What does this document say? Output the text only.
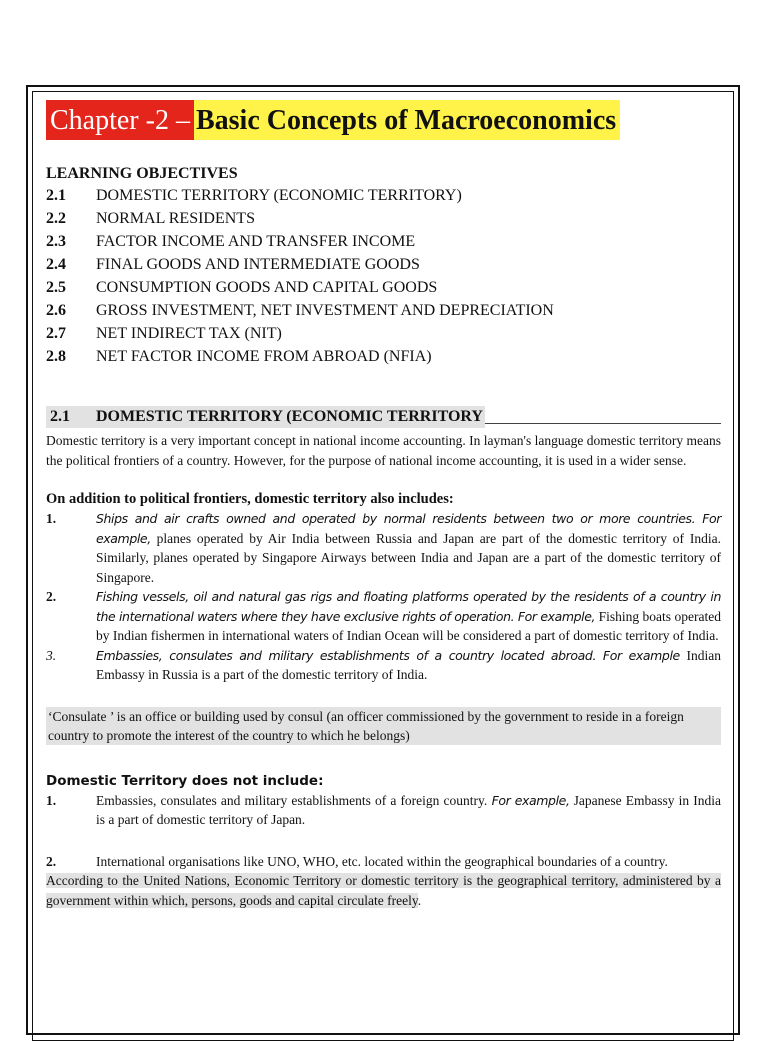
Chapter -2 – Basic Concepts of Macroeconomics
LEARNING OBJECTIVES
2.1	DOMESTIC TERRITORY (ECONOMIC TERRITORY)
2.2	NORMAL RESIDENTS
2.3	FACTOR INCOME AND TRANSFER INCOME
2.4	FINAL GOODS AND INTERMEDIATE GOODS
2.5	CONSUMPTION GOODS AND CAPITAL GOODS
2.6	GROSS INVESTMENT, NET INVESTMENT AND DEPRECIATION
2.7	NET INDIRECT TAX (NIT)
2.8	NET FACTOR INCOME FROM ABROAD (NFIA)
2.1	DOMESTIC TERRITORY (ECONOMIC TERRITORY

Domestic territory is a very important concept in national income accounting. In layman's language domestic territory means the political frontiers of a country. However, for the purpose of national income accounting, it is used in a wider sense.

On addition to political frontiers, domestic territory also includes:
1.	Ships and air crafts owned and operated by normal residents between two or more countries. For example, planes operated by Air India between Russia and Japan are part of the domestic territory of India. Similarly, planes operated by Singapore Airways between India and Japan are a part of the domestic territory of Singapore.
2.	Fishing vessels, oil and natural gas rigs and floating platforms operated by the residents of a country in the international waters where they have exclusive rights of operation. For example, Fishing boats operated by Indian fishermen in international waters of Indian Ocean will be considered a part of domestic territory of India.
3.	Embassies, consulates and military establishments of a country located abroad. For example Indian Embassy in Russia is a part of the domestic territory of India.
‘Consulate ’ is an office or building used by consul (an officer commissioned by the government to reside in a foreign country to promote the interest of the country to which he belongs)
Domestic Territory does not include:
1.	Embassies, consulates and military establishments of a foreign country. For example, Japanese Embassy in India is a part of domestic territory of Japan.
2.	International organisations like UNO, WHO, etc. located within the geographical boundaries of a country.

According to the United Nations, Economic Territory or domestic territory is the geographical territory, administered by a government within which, persons, goods and capital circulate freely.
